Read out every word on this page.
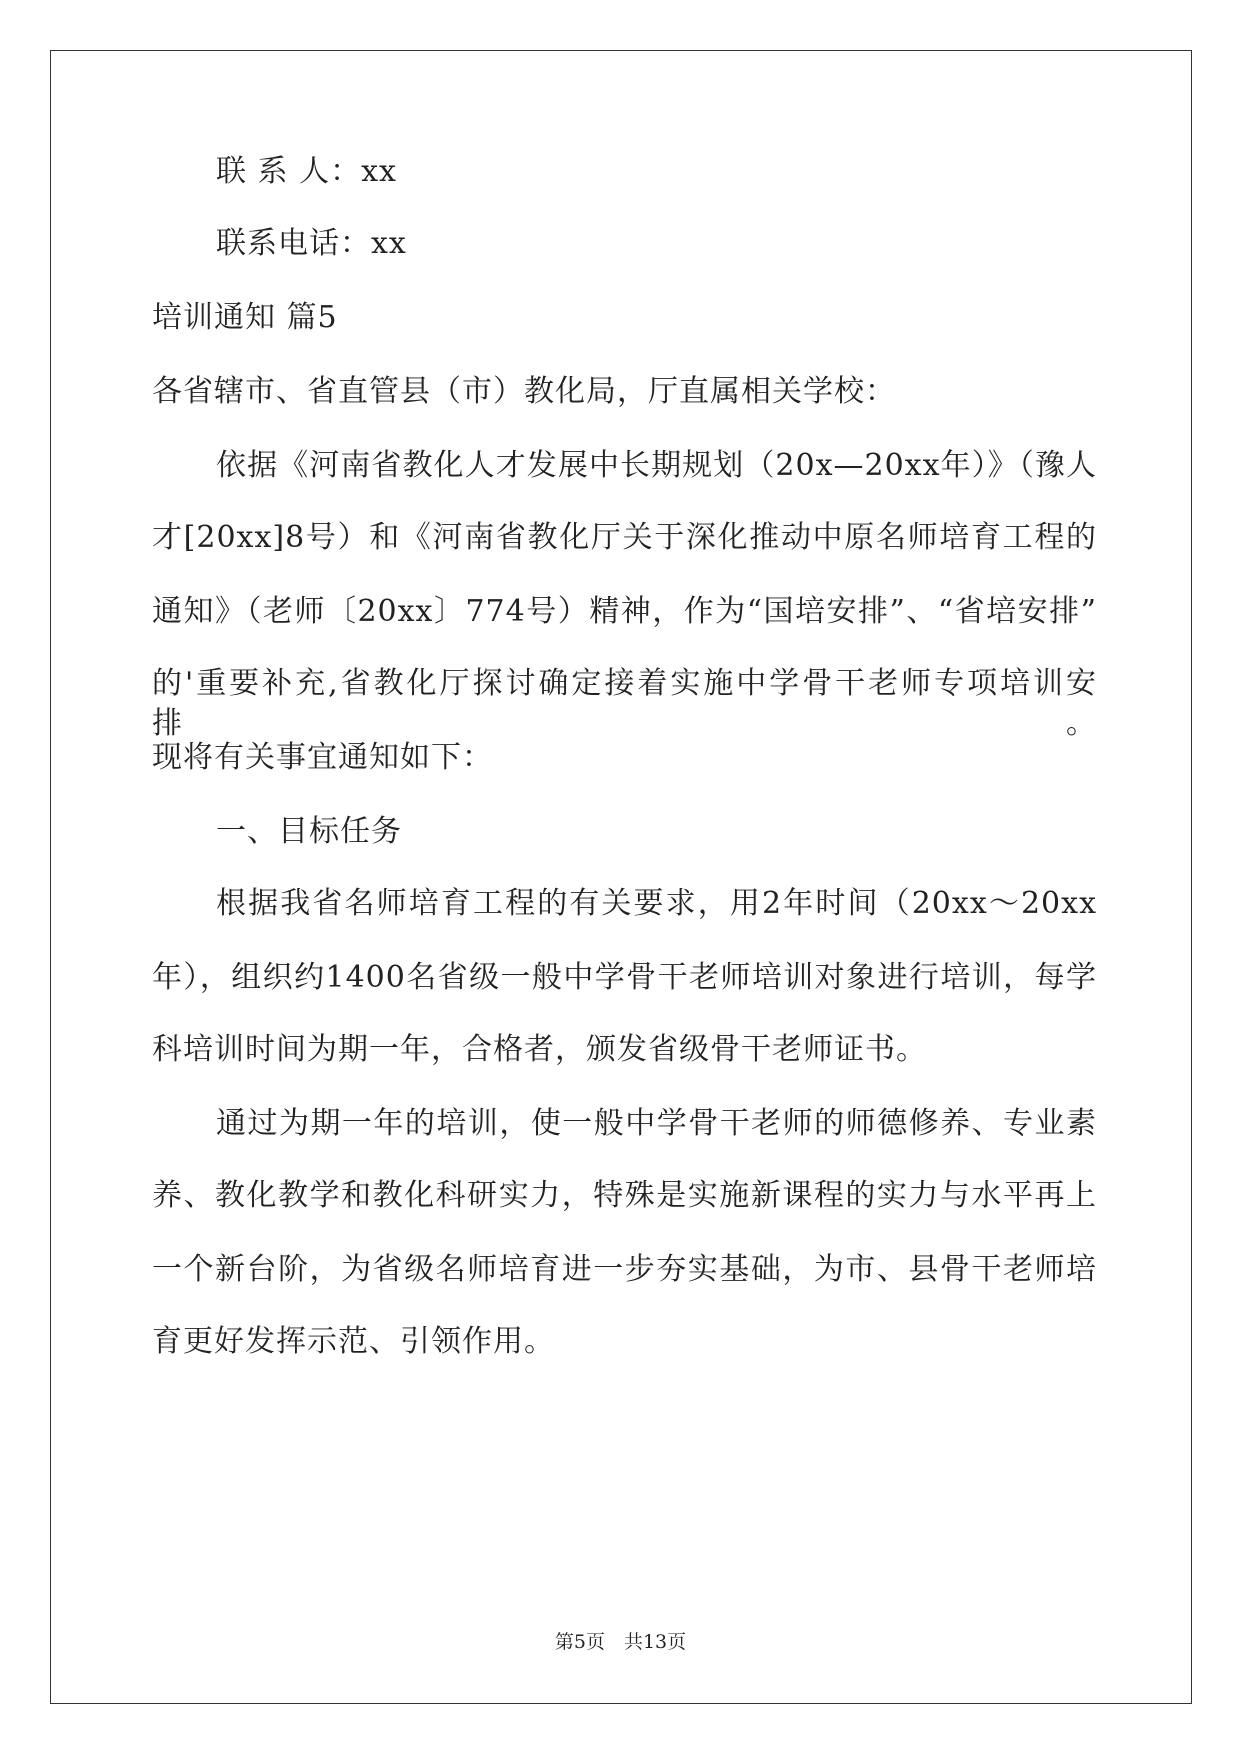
联 系 人：xx
联系电话：xx
培训通知 篇5
各省辖市、省直管县（市）教化局，厅直属相关学校：
依据《河南省教化人才发展中长期规划（20x—20xx年）》（豫人
才[20xx]8号）和《河南省教化厅关于深化推动中原名师培育工程的
通知》（老师〔20xx〕774号）精神，作为“国培安排”、“省培安排”
的'重要补充,省教化厅探讨确定接着实施中学骨干老师专项培训安排。
现将有关事宜通知如下：
一、目标任务
根据我省名师培育工程的有关要求，用2年时间（20xx～20xx
年），组织约1400名省级一般中学骨干老师培训对象进行培训，每学
科培训时间为期一年，合格者，颁发省级骨干老师证书。
通过为期一年的培训，使一般中学骨干老师的师德修养、专业素
养、教化教学和教化科研实力，特殊是实施新课程的实力与水平再上
一个新台阶，为省级名师培育进一步夯实基础，为市、县骨干老师培
育更好发挥示范、引领作用。
第5页　共13页
